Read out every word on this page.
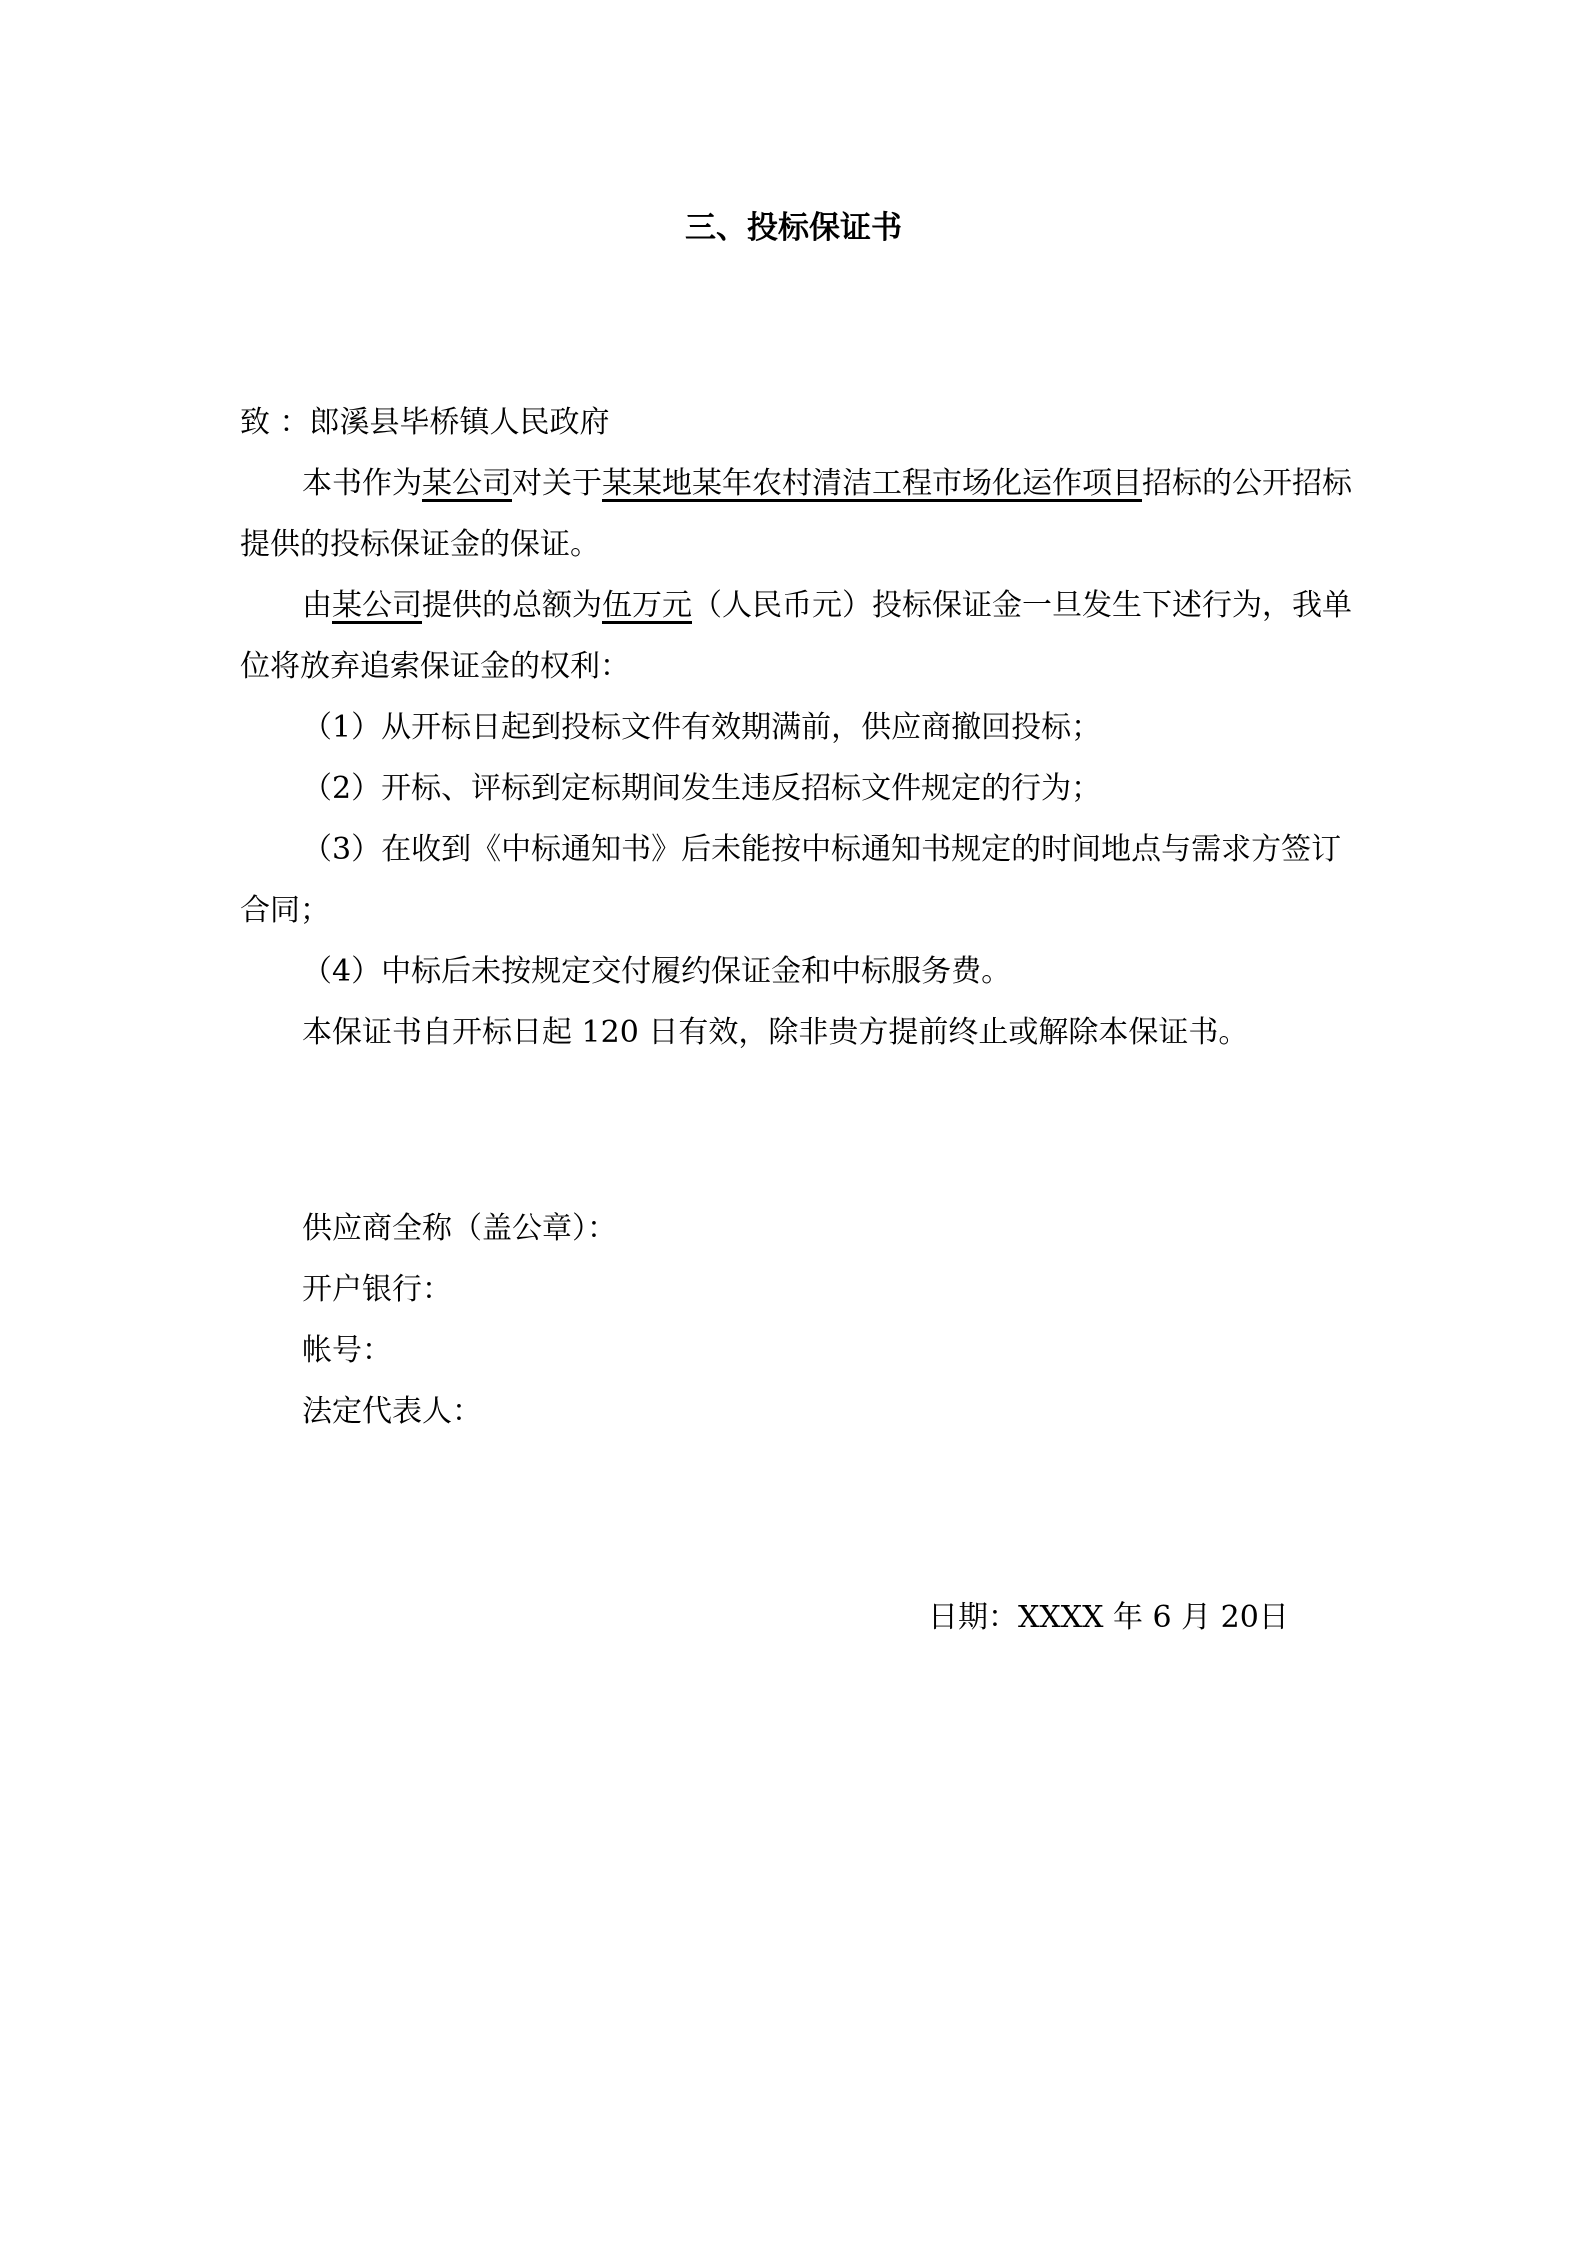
三、投标保证书

致 ：郎溪县毕桥镇人民政府

本书作为某公司对关于某某地某年农村清洁工程市场化运作项目招标的公开招标提供的投标保证金的保证。

由某公司提供的总额为伍万元（人民币元）投标保证金一旦发生下述行为，我单位将放弃追索保证金的权利：

（1）从开标日起到投标文件有效期满前，供应商撤回投标；

（2）开标、评标到定标期间发生违反招标文件规定的行为；

（3）在收到《中标通知书》后未能按中标通知书规定的时间地点与需求方签订合同；

（4）中标后未按规定交付履约保证金和中标服务费。

本保证书自开标日起 120 日有效，除非贵方提前终止或解除本保证书。

供应商全称（盖公章）：
开户银行：
帐号：
法定代表人：
日期：XXXX 年 6 月 20日
